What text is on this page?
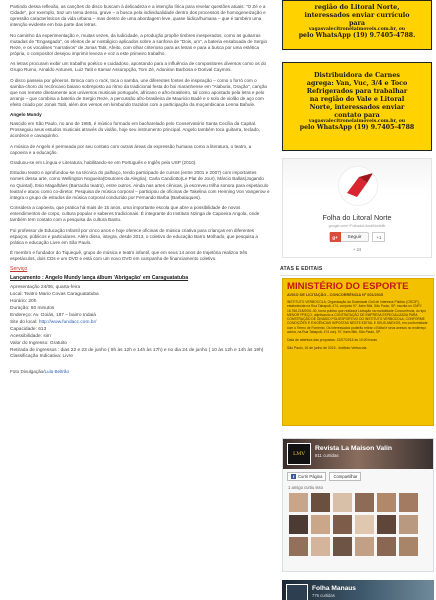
Partindo dessa reflexão, as canções do disco buscam à delicadeza e a intenção lírica para revelar questões atuais: "O Zé e a Cidade", por exemplo, traz um tema denso, grave – a busca pela individualidade dentro dos processos de homogeneização e opressão característicos da vida urbana – mas dentro de uma abordagem leve, quase lúdica/humana – que é também uma intenção evidente em boa parte das letras.

No caminho da experimentação e, muitas vezes, da ludicidade, a produção propõe timbres inesperados, como as guitarras mutadas de "Engasgado", os efeitos de ar nostálgico aplicados sobre a sanfona de "Dois, um", a bateria ensaboada de Sergio Reze, e os vocalises "narrativos" de Jonas Tatit. Afeito, com olhar criterioso para as letras e para a busca por uma estética própria, o compositor desejou imprimir leveza e voz a este primeiro trabalho.

As letras procuram exibir um trabalho poético e cuidadoso, apontando para a influência de compositores diversos como os do Grupo Rumo, Arnaldo Antunes, Luiz Tatit e Itamar Assumpção, Tom Zé, Adoniran Barbosa e Dorival Caymmi.

O disco passeia por gêneros. Brinca com o rock, toca o samba, une diferentes fontes de inspiração – como o forró com o samba-choro do recôncavo baiano sobreposto ao ritmo da tradicional festa do boi maranhense em "Alaburia, Oração", canção que nos remete diretamente aos universos musicais português, africano e afro-brasileiro, tal como apontado pela letra e pelo arranjo – que combina a bateria de Sergio Reze, a percussão afro-brasileira de Mauricio Badé e o solo de violão de aço com efeito criado por Jonas Tatit, além dos versos em kimbundo trazidos com a participação da moçambicana Lenna Bahule.

Angelo Mundy

Nascido em São Paulo, no ano de 1985, é músico formado em bacharelado pelo Conservatório Santa Cecília da Capital. Prosseguiu seus estudos musicais através do violão, hoje seu instrumento principal. Angelo também toca guitarra, teclado, acordeon e cavaquinho.

A música de Angelo é permeada por seu contato com outras áreas da expressão humana como a literatura, o teatro, a capoeira e a educação.

Graduou-se em Língua e Literatura, habilitando-se em Português e Inglês pela USP (2010).

Estudou teatro e aprofundou-se na técnica do palhaço, tendo participado de cursos (entre 2001 e 2007) com importantes nomes dessa arte, como Wellington Nogueira(Doutores da Alegria), Carla Candiotto(Le Plat de Jour), Márcio Ballas(Jogando no Quintal), Esio Magalhães (Barracão teatro), entre outros. Ainda nas artes cênicas, já escreveu trilha sonora para espetáculo teatral e atuou como co-diretor. Pesquisa de música corporal – participou de oficinas de Takelina com Henning Von Vangerow e integra o grupo de estudos de música corporal conduzido por Fernando Barba (Barbatuques).

Considera a capoeira, que pratica há mais de 15 anos, uma importante escola que abre a possibilidade de novos entendimentos de corpo, cultura popular e saberes tradicionais. É integrante do Instituto Nzinga de Capoeira Angola, onde também tem contato com a pesquisa da cultura Bantu.

Foi professor de Educação Infantil por cinco anos e hoje oferece oficinas de música criativa para crianças em diferentes espaços, públicos e particulares. Além disso, integra, desde 2013, o coletivo de educação Barro Molhado, que pesquisa a prática e educação Livre em São Paulo.

É membro e fundador do Tiquequê, grupo de música e teatro infantil, que em seus 14 anos de trajetória realizou três espetáculos, dois CDs e um DVD e está com um novo DVD em campanha de financiamento coletivo.

Serviço
Lançamento : Angelo Mundy lança álbum 'Abrigação' em Caraguatatuba

Apresentação 24/06, quarta-feira

Local: Teatro Mario Covas Caraguatatuba

Horário: 20h

Duração: 60 minutos

Endereço: Av. Goiás, 187 – bairro Indaiá

Site do local: http://www.fundacc.com.br/

Capacidade: 613

Acessibilidade: sim

Valor do Ingresso: Gratuito

Retirada de ingressos : dias 22 e 23 de junho ( 9h às 12h e 14h às 17h) e no dia 24 de junho ( 10 às 12h e 14h às 19h)

Classificação Indicativa: Livre

Foto Divulgação/Lula Beltrão

região do Litoral Norte,
interessados enviar currículo
para
vagasvalecitronelaimoveis.com.br, ou
pelo WhatsApp (19) 9.7405-4788.
Distribuidora de Carnes
agrega: Van, Vuc, 3/4 e Toco
Refrigerados para trabalhar
na região do Vale e Litoral
Norte, interessados enviar
contato para
vagasvalecitronelaimoveis.com.br, ou
pelo WhatsApp (19) 9.7405-4788
Folha do Litoral Norte
google.com/+FolhadoLitoralNorteBr
g+	Seguir	+1
+ 24
ATAS E EDITAIS
MINISTÉRIO DO ESPORTE
AVISO DE LICITAÇÃO - CONCORRÊNCIA Nº 001/2015
INSTITUTO VERBOCOLA, Organização da Sociedade Civil de Interesse Público (OSCIP), estabelecida na Rua Tabapuã, 474, conjunto 97, Itaim Bibi, São Paulo, SP, inscrita no CNPJ 16.766.218/0001-30, torna público que realizará Licitação na modalidade Concorrência, do tipo MENOR PREÇO, objetivando a CONTRATAÇÃO DE EMPRESA ESPECIALIZADA PARA CONSTRUÇÃO DE GINÁSIO POLIESPORTIVO DO INSTITUTO VERBOCOLA, CONFORME CONDIÇÕES E EXIGÊNCIAS IMPOSTAS NESTE EDITAL E SEUS ANEXOS, em conformidade com o Termo de Fomento. Os interessados poderão retirar o Edital e seus anexos no endereço acima, na Rua Tabapuã, 474 conj. 97, Itaim Bibi, São Paulo, SP.
Data de abertura das propostas: 22/07/2015 às 10:00 horas
São Paulo, 16 de junho de 2015 - Instituto Verbocola
LMV
Revista La Maison Valin
811 curtidas
f Curtir Página	Compartilhar
1 amigo curtiu isso
Folha Manaus
776 curtidas
